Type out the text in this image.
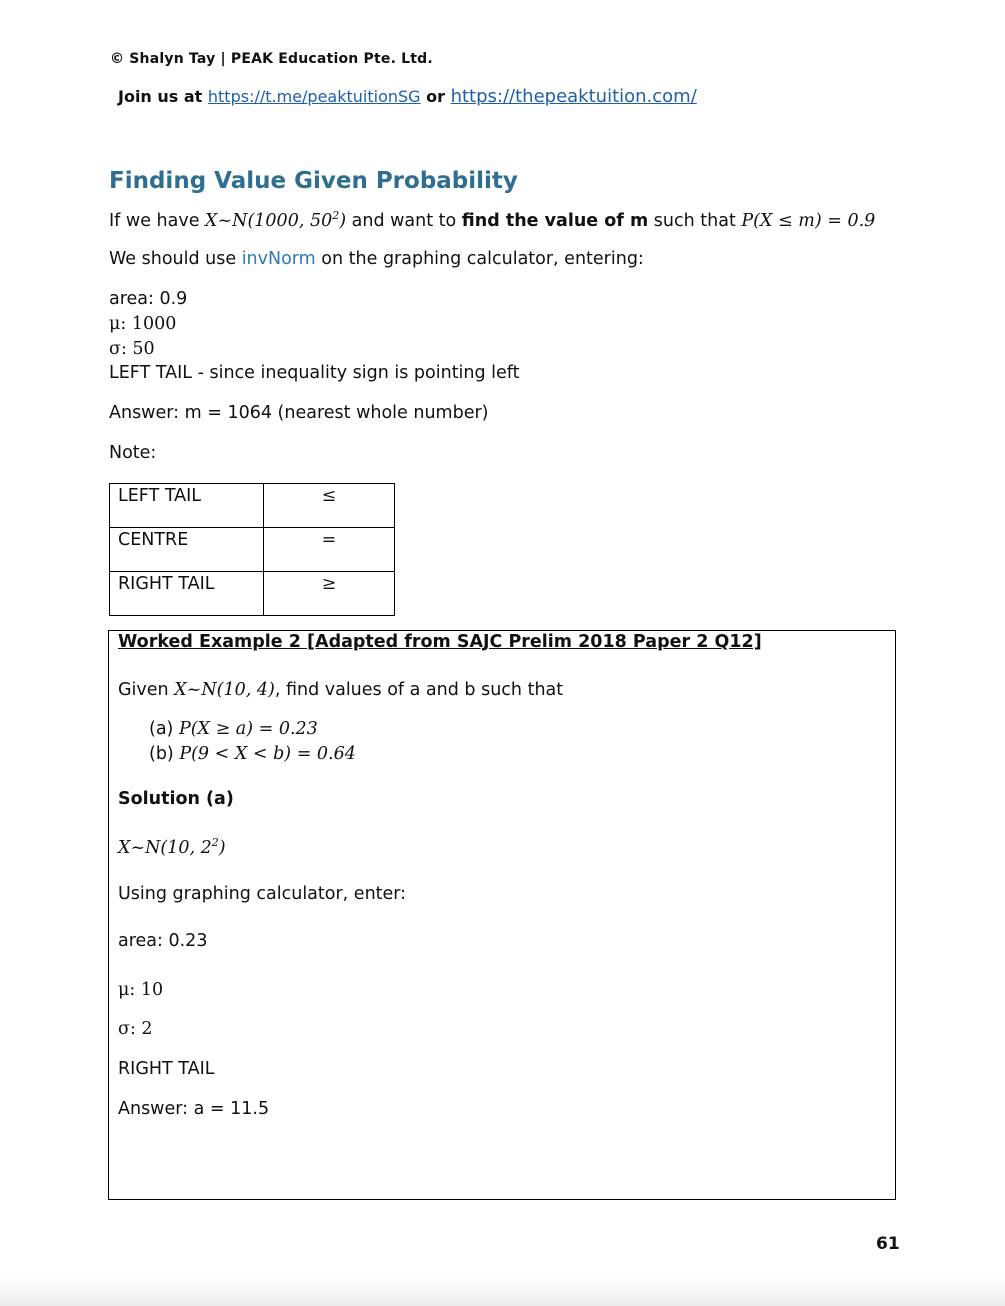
© Shalyn Tay | PEAK Education Pte. Ltd.
Join us at https://t.me/peaktuitionSG or https://thepeaktuition.com/
Finding Value Given Probability
If we have X~N(1000, $50^2$) and want to find the value of m such that P(X ≤ m) = 0.9
We should use invNorm on the graphing calculator, entering:
area: 0.9
μ: 1000
σ: 50
LEFT TAIL - since inequality sign is pointing left
Answer: m = 1064 (nearest whole number)
Note:
LEFT TAIL	≤
CENTRE	=
RIGHT TAIL	≥
Worked Example 2 [Adapted from SAJC Prelim 2018 Paper 2 Q12]
Given X~N(10, 4), find values of a and b such that
(a) P(X ≥ a) = 0.23
(b) P(9 < X < b) = 0.64
Solution (a)
X~N(10, $2^2$)
Using graphing calculator, enter:
area: 0.23
μ: 10
σ: 2
RIGHT TAIL
Answer: a = 11.5
61
